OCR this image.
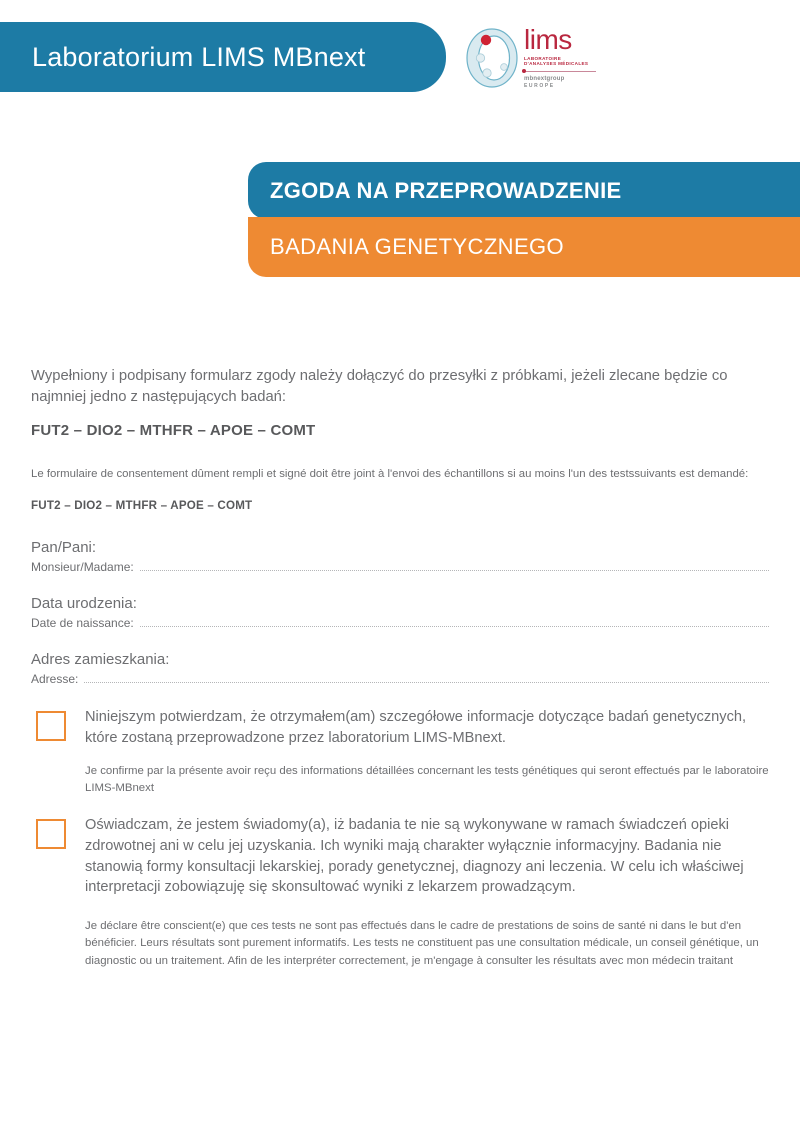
Laboratorium LIMS MBnext
lims
LABORATOIRE
D'ANALYSES MÉDICALES
mbnextgroup
EUROPE
ZGODA NA PRZEPROWADZENIE
BADANIA GENETYCZNEGO

Wypełniony i podpisany formularz zgody należy dołączyć do przesyłki z próbkami, jeżeli zlecane będzie co najmniej jedno z następujących badań:

FUT2 – DIO2 – MTHFR – APOE – COMT

Le formulaire de consentement dûment rempli et signé doit être joint à l'envoi des échantillons si au moins l'un des testssuivants est demandé:

FUT2 – DIO2 – MTHFR – APOE – COMT

Pan/Pani:
Monsieur/Madame:
Data urodzenia:
Date de naissance:
Adres zamieszkania:
Adresse:

Niniejszym potwierdzam, że otrzymałem(am) szczegółowe informacje dotyczące badań genetycznych, które zostaną przeprowadzone przez laboratorium LIMS-MBnext.

Je confirme par la présente avoir reçu des informations détaillées concernant les tests génétiques qui seront effectués par le laboratoire LIMS-MBnext

Oświadczam, że jestem świadomy(a), iż badania te nie są wykonywane w ramach świadczeń opieki zdrowotnej ani w celu jej uzyskania. Ich wyniki mają charakter wyłącznie informacyjny. Badania nie stanowią formy konsultacji lekarskiej, porady genetycznej, diagnozy ani leczenia. W celu ich właściwej interpretacji zobowiązuję się skonsultować wyniki z lekarzem prowadzącym.

Je déclare être conscient(e) que ces tests ne sont pas effectués dans le cadre de prestations de soins de santé ni dans le but d'en bénéficier. Leurs résultats sont purement informatifs. Les tests ne constituent pas une consultation médicale, un conseil génétique, un diagnostic ou un traitement. Afin de les interpréter correctement, je m'engage à consulter les résultats avec mon médecin traitant
